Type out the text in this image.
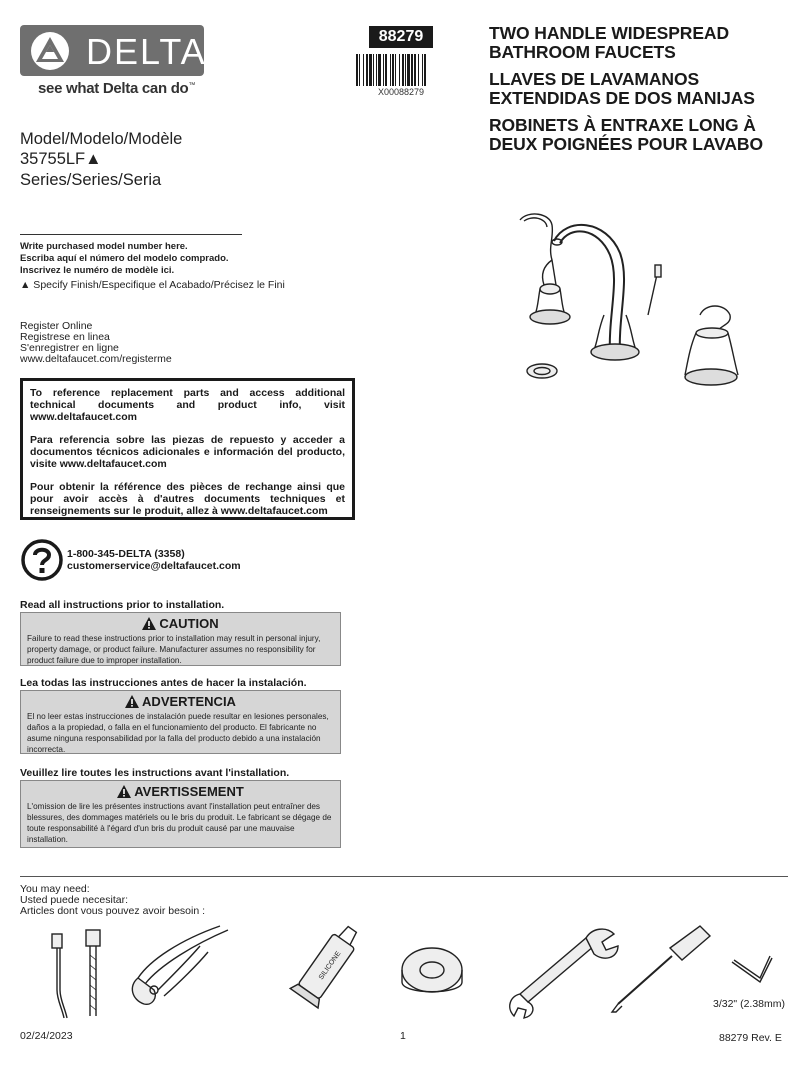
DELTA
see what Delta can do™
88279
X00088279
TWO HANDLE WIDESPREAD
BATHROOM FAUCETS
LLAVES DE LAVAMANOS
EXTENDIDAS DE DOS MANIJAS
ROBINETS À ENTRAXE LONG À
DEUX POIGNÉES POUR LAVABO
Model/Modelo/Modèle
35755LF▲
Series/Series/Seria
Write purchased model number here.
Escriba aquí el número del modelo comprado.
Inscrivez le numéro de modèle ici.
▲ Specify Finish/Especifique el Acabado/Précisez le Fini
Register Online
Registrese en linea
S'enregistrer en ligne
www.deltafaucet.com/registerme

To reference replacement parts and access additional technical documents and product info, visit www.deltafaucet.com

Para referencia sobre las piezas de repuesto y acceder a documentos técnicos adicionales e información del producto, visite www.deltafaucet.com

Pour obtenir la référence des pièces de rechange ainsi que pour avoir accès à d'autres documents techniques et renseignements sur le produit, allez à www.deltafaucet.com

1-800-345-DELTA (3358)
customerservice@deltafaucet.com
Read all instructions prior to installation.
CAUTION
Failure to read these instructions prior to installation may result in personal injury, property damage, or product failure. Manufacturer assumes no responsibility for product failure due to improper installation.
Lea todas las instrucciones antes de hacer la instalación.
ADVERTENCIA
El no leer estas instrucciones de instalación puede resultar en lesiones personales, daños a la propiedad, o falla en el funcionamiento del producto. El fabricante no asume ninguna responsabilidad por la falla del producto debido a una instalación incorrecta.
Veuillez lire toutes les instructions avant l'installation.
AVERTISSEMENT
L'omission de lire les présentes instructions avant l'installation peut entraîner des blessures, des dommages matériels ou le bris du produit. Le fabricant se dégage de toute responsabilité à l'égard d'un bris du produit causé par une mauvaise installation.
You may need:
Usted puede necesitar:
Articles dont vous pouvez avoir besoin :
SILICONE
3/32" (2.38mm)
02/24/2023	1	88279 Rev. E
